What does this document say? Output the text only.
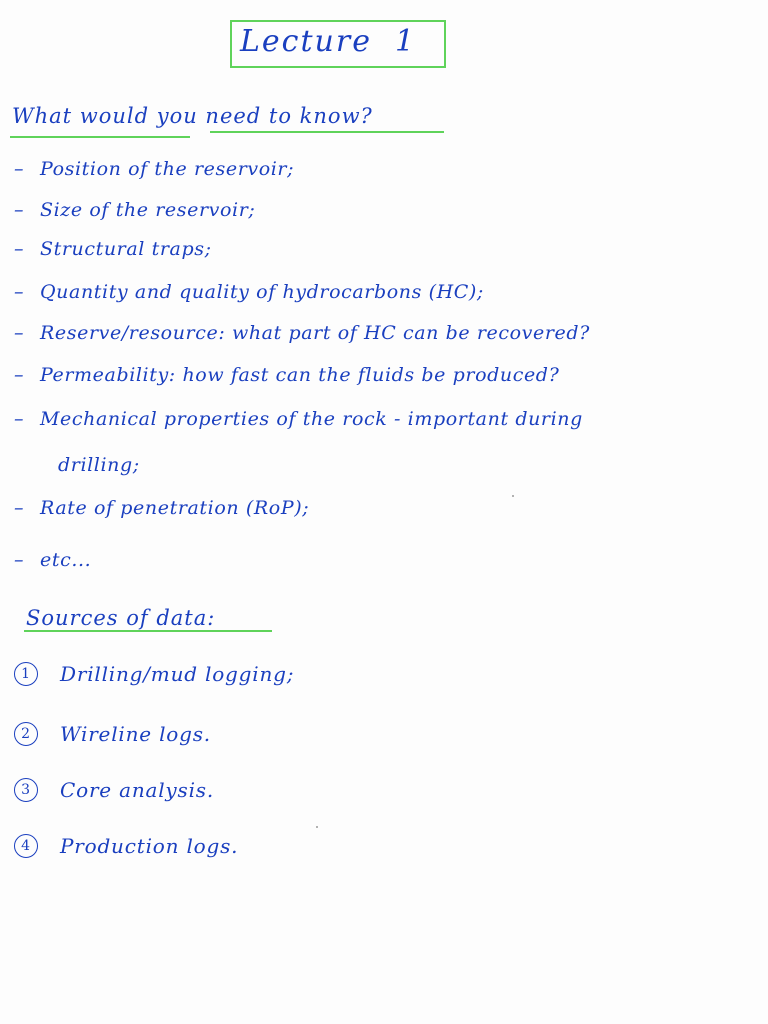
Lecture  1
What would you need to know?
– Position of the reservoir;
– Size of the reservoir;
– Structural traps;
– Quantity and quality of hydrocarbons (HC);
– Reserve/resource: what part of HC can be recovered?
– Permeability: how fast can the fluids be produced?
– Mechanical properties of the rock - important during
drilling;
– Rate of penetration (RoP);
– etc...
Sources of data:
1	Drilling/mud logging;
2	Wireline logs.
3	Core analysis.
4	Production logs.
